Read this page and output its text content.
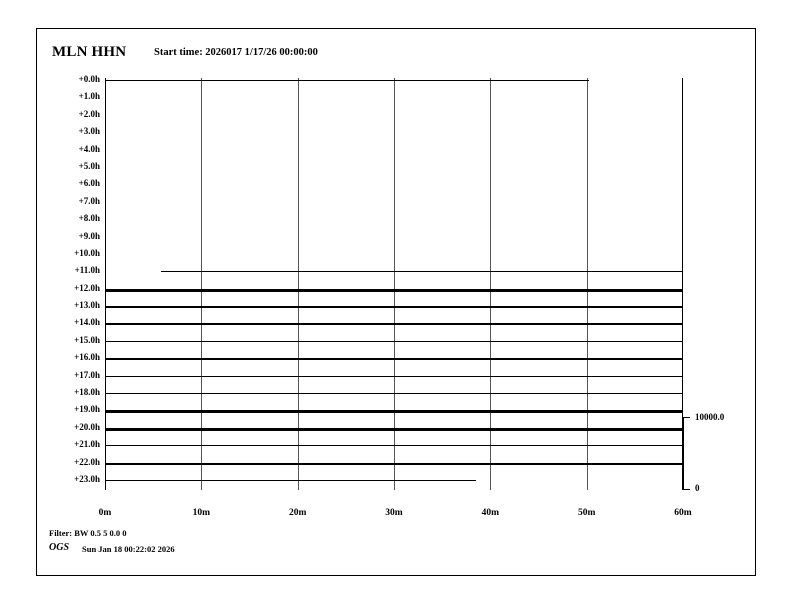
MLN HHN	Start time: 2026017 1/17/26 00:00:00
10000.0
0
Filter: BW 0.5 5 0.0 0
OGS Sun Jan 18 00:22:02 2026
+0.0h
+1.0h
+2.0h
+3.0h
+4.0h
+5.0h
+6.0h
+7.0h
+8.0h
+9.0h
+10.0h
+11.0h
+12.0h
+13.0h
+14.0h
+15.0h
+16.0h
+17.0h
+18.0h
+19.0h
+20.0h
+21.0h
+22.0h
+23.0h
0m	10m	20m	30m	40m	50m	60m
